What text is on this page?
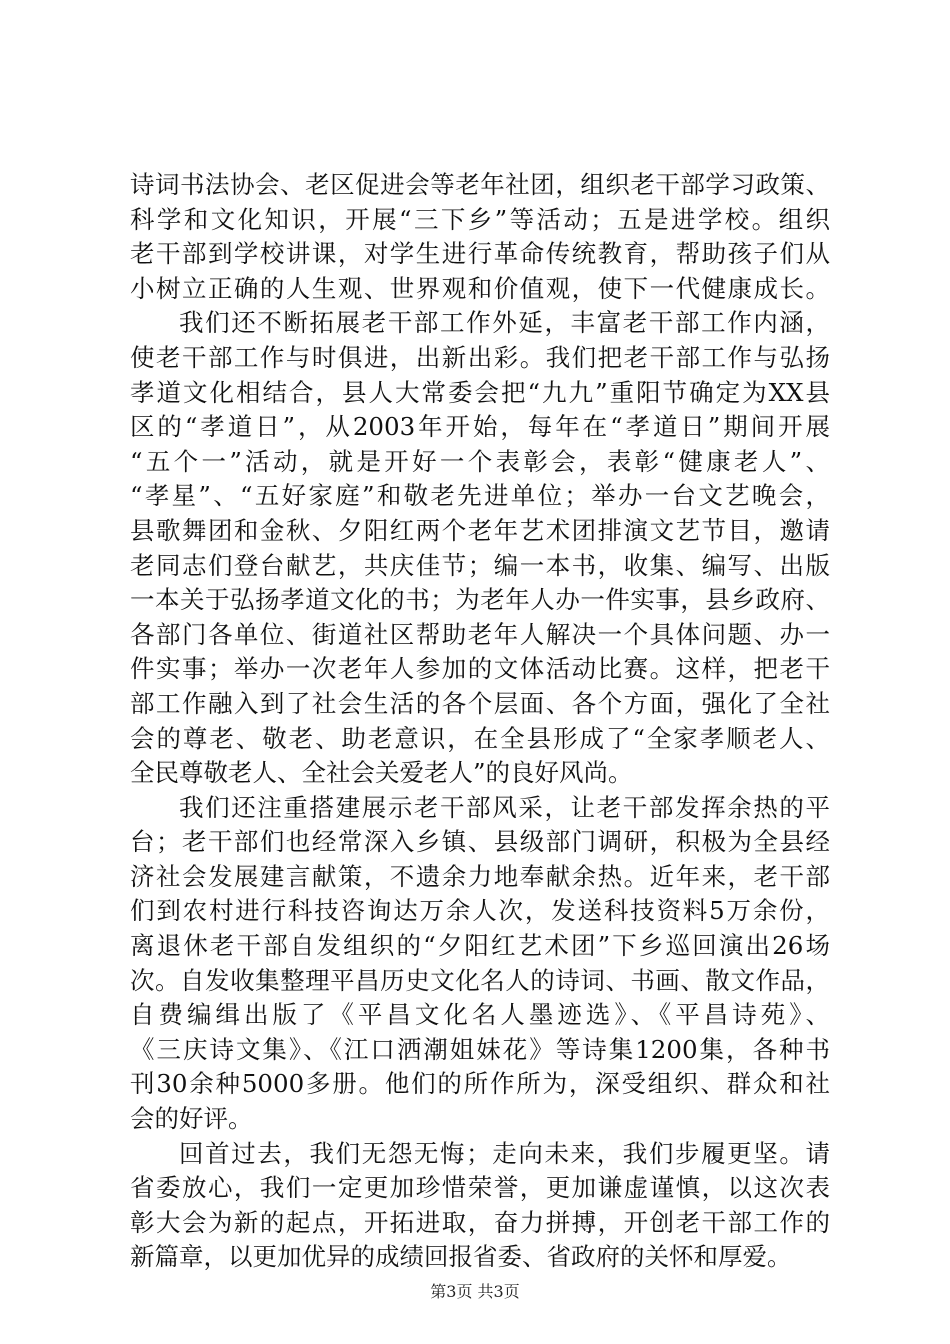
诗词书法协会、老区促进会等老年社团，组织老干部学习政策、
科学和文化知识，开展“三下乡”等活动；五是进学校。组织
老干部到学校讲课，对学生进行革命传统教育，帮助孩子们从
小树立正确的人生观、世界观和价值观，使下一代健康成长。
我们还不断拓展老干部工作外延，丰富老干部工作内涵，
使老干部工作与时俱进，出新出彩。我们把老干部工作与弘扬
孝道文化相结合，县人大常委会把“九九”重阳节确定为XX县
区的“孝道日”，从2003年开始，每年在“孝道日”期间开展
“五个一”活动，就是开好一个表彰会，表彰“健康老人”、
“孝星”、“五好家庭”和敬老先进单位；举办一台文艺晚会，
县歌舞团和金秋、夕阳红两个老年艺术团排演文艺节目，邀请
老同志们登台献艺，共庆佳节；编一本书，收集、编写、出版
一本关于弘扬孝道文化的书；为老年人办一件实事，县乡政府、
各部门各单位、街道社区帮助老年人解决一个具体问题、办一
件实事；举办一次老年人参加的文体活动比赛。这样，把老干
部工作融入到了社会生活的各个层面、各个方面，强化了全社
会的尊老、敬老、助老意识，在全县形成了“全家孝顺老人、
全民尊敬老人、全社会关爱老人”的良好风尚。
我们还注重搭建展示老干部风采，让老干部发挥余热的平
台；老干部们也经常深入乡镇、县级部门调研，积极为全县经
济社会发展建言献策，不遗余力地奉献余热。近年来，老干部
们到农村进行科技咨询达万余人次，发送科技资料5万余份，
离退休老干部自发组织的“夕阳红艺术团”下乡巡回演出26场
次。自发收集整理平昌历史文化名人的诗词、书画、散文作品，
自费编缉出版了《平昌文化名人墨迹选》、《平昌诗苑》、
《三庆诗文集》、《江口洒潮姐妹花》等诗集1200集，各种书
刊30余种5000多册。他们的所作所为，深受组织、群众和社
会的好评。
回首过去，我们无怨无悔；走向未来，我们步履更坚。请
省委放心，我们一定更加珍惜荣誉，更加谦虚谨慎，以这次表
彰大会为新的起点，开拓进取，奋力拼搏，开创老干部工作的
新篇章，以更加优异的成绩回报省委、省政府的关怀和厚爱。
第3页 共3页
